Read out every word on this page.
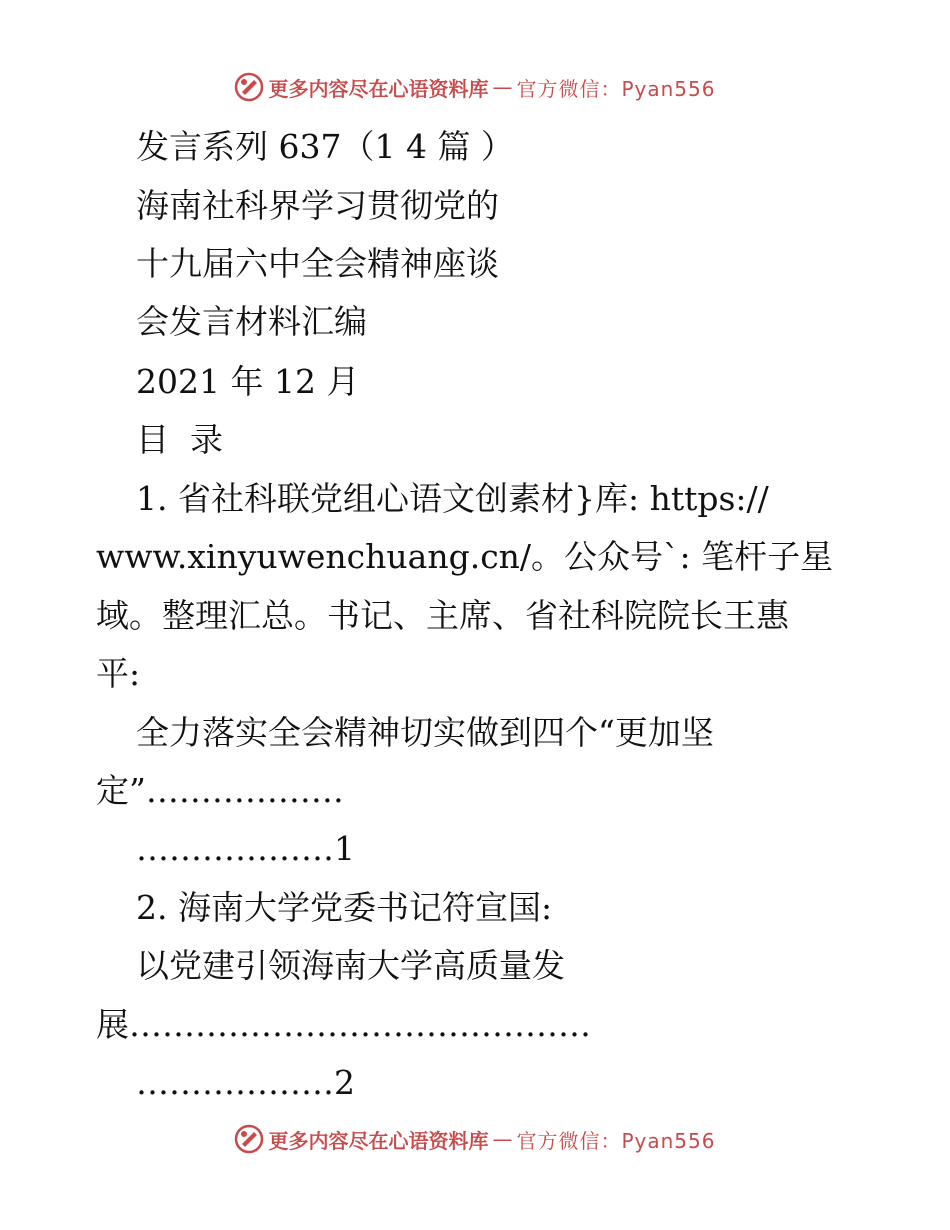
更多内容尽在心语资料库 — 官方微信：Pyan556
发言系列 637（1 4 篇 ）
海南社科界学习贯彻党的
十九届六中全会精神座谈
会发言材料汇编
2021 年 12 月
目  录
1. 省社科联党组心语文创素材}库: https://
www.xinyuwenchuang.cn/。公众号`: 笔杆子星
域。整理汇总。书记、主席、省社科院院长王惠
平:
全力落实全会精神切实做到四个“更加坚
定”………………
………………1
2. 海南大学党委书记符宣国:
以党建引领海南大学高质量发
展……………………………………
………………2
更多内容尽在心语资料库 — 官方微信：Pyan556
